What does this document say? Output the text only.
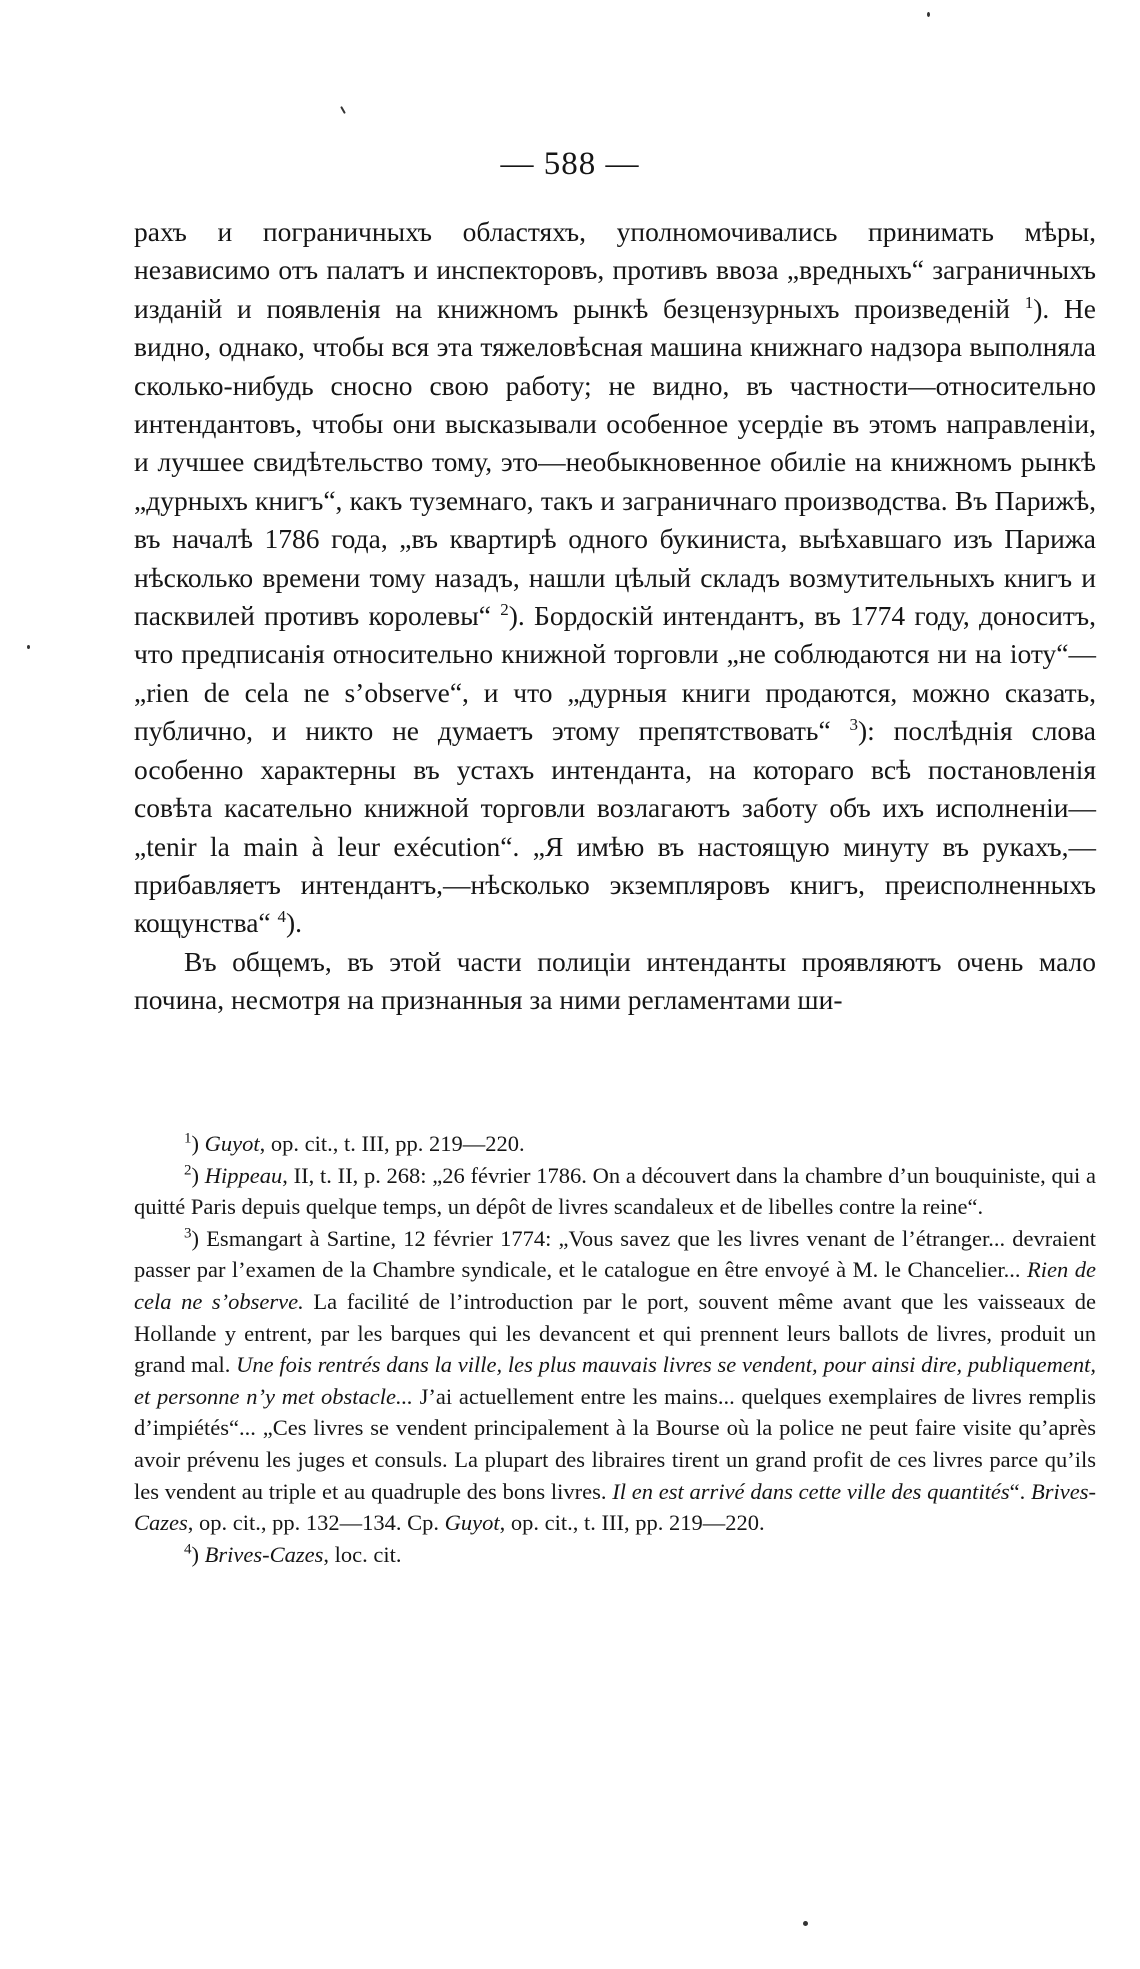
— 588 —

рахъ и пограничныхъ областяхъ, уполномочивались принимать мѣры, независимо отъ палатъ и инспекторовъ, противъ ввоза „вредныхъ“ заграничныхъ изданій и появленія на книжномъ рынкѣ безцензурныхъ произведеній $^1$). Не видно, однако, чтобы вся эта тяжеловѣсная машина книжнаго надзора выполняла сколько-нибудь сносно свою работу; не видно, въ частности—относительно интендантовъ, чтобы они высказывали особенное усердіе въ этомъ направленіи, и лучшее свидѣтельство тому, это—необыкновенное обиліе на книжномъ рынкѣ „дурныхъ книгъ“, какъ туземнаго, такъ и заграничнаго производства. Въ Парижѣ, въ началѣ 1786 года, „въ квартирѣ одного букиниста, выѣхавшаго изъ Парижа нѣсколько времени тому назадъ, нашли цѣлый складъ возмутительныхъ книгъ и пасквилей противъ королевы“ $^2$). Бордоскій интендантъ, въ 1774 году, доноситъ, что предписанія относительно книжной торговли „не соблюдаются ни на іоту“—„rien de cela ne s’observe“, и что „дурныя книги продаются, можно сказать, публично, и никто не думаетъ этому препятствовать“ $^3$): послѣднія слова особенно характерны въ устахъ интенданта, на котораго всѣ постановленія совѣта касательно книжной торговли возлагаютъ заботу объ ихъ исполненіи—„tenir la main à leur exécution“. „Я имѣю въ настоящую минуту въ рукахъ,—прибавляетъ интендантъ,—нѣсколько экземпляровъ книгъ, преисполненныхъ кощунства“ $^4$).

Въ общемъ, въ этой части полиціи интенданты проявляютъ очень мало почина, несмотря на признанныя за ними регламентами ши-

$^1$) Guyot, op. cit., t. III, pp. 219—220.

$^2$) Hippeau, II, t. II, p. 268: „26 février 1786. On a découvert dans la chambre d’un bouquiniste, qui a quitté Paris depuis quelque temps, un dépôt de livres scandaleux et de libelles contre la reine“.

$^3$) Esmangart à Sartine, 12 février 1774: „Vous savez que les livres venant de l’étranger... devraient passer par l’examen de la Chambre syndicale, et le catalogue en être envoyé à M. le Chancelier... Rien de cela ne s’observe. La facilité de l’introduction par le port, souvent même avant que les vaisseaux de Hollande y entrent, par les barques qui les devancent et qui prennent leurs ballots de livres, produit un grand mal. Une fois rentrés dans la ville, les plus mauvais livres se vendent, pour ainsi dire, publiquement, et personne n’y met obstacle... J’ai actuellement entre les mains... quelques exemplaires de livres remplis d’impiétés“... „Ces livres se vendent principalement à la Bourse où la police ne peut faire visite qu’après avoir prévenu les juges et consuls. La plupart des libraires tirent un grand profit de ces livres parce qu’ils les vendent au triple et au quadruple des bons livres. Il en est arrivé dans cette ville des quantités“. Brives-Cazes, op. cit., pp. 132—134. Cp. Guyot, op. cit., t. III, pp. 219—220.

$^4$) Brives-Cazes, loc. cit.
